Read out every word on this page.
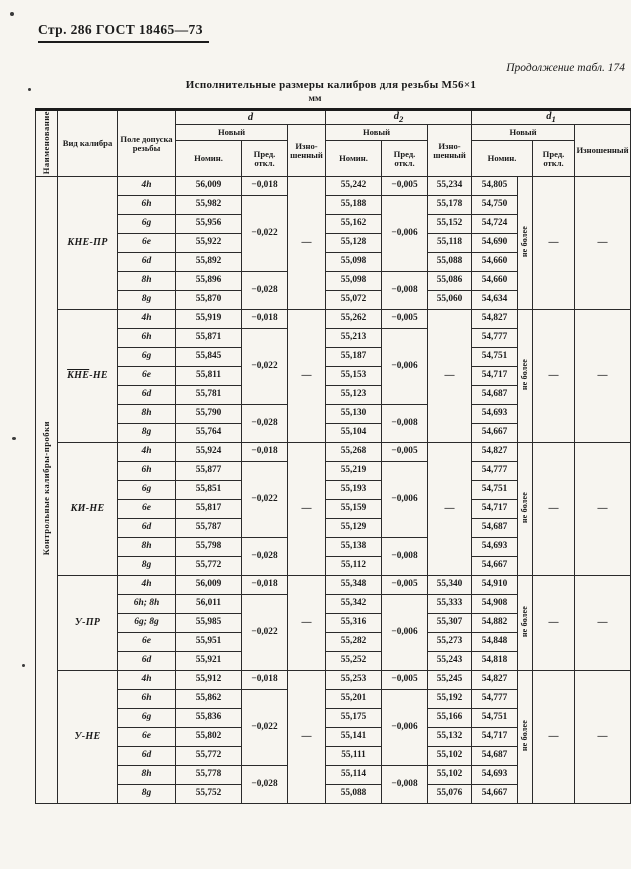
Стр. 286 ГОСТ 18465—73
Продолжение табл. 174
Исполнительные размеры калибров для резьбы М56×1
мм
Наименование	Вид калибра	Поле допуска резьбы	d			$d_2$			$d_1$
			Новый		Изношенный	Новый		Изношенный	Новый			Изношенный
			Номин.	Пред. откл.		Номин.	Пред. откл.		Номин.		Пред. откл.	
Контрольные калибры-пробки	КНЕ-ПР	4h	56,009	−0,018	—	55,242	−0,005	55,234	54,805	не более	—	—
		6h	55,982	−0,022		55,188	−0,006	55,178	54,750			
		6g	55,956			55,162		55,152	54,724			
		6e	55,922			55,128		55,118	54,690			
		6d	55,892			55,098		55,088	54,660			
		8h	55,896	−0,028		55,098	−0,008	55,086	54,660			
		8g	55,870			55,072		55,060	54,634			
	КНЕ-НЕ	4h	55,919	−0,018	—	55,262	−0,005	—	54,827	не более	—	—
		6h	55,871	−0,022		55,213	−0,006		54,777			
		6g	55,845			55,187			54,751			
		6e	55,811			55,153			54,717			
		6d	55,781			55,123			54,687			
		8h	55,790	−0,028		55,130	−0,008		54,693			
		8g	55,764			55,104			54,667			
	КИ-НЕ	4h	55,924	−0,018	—	55,268	−0,005	—	54,827	не более	—	—
		6h	55,877	−0,022		55,219	−0,006		54,777			
		6g	55,851			55,193			54,751			
		6e	55,817			55,159			54,717			
		6d	55,787			55,129			54,687			
		8h	55,798	−0,028		55,138	−0,008		54,693			
		8g	55,772			55,112			54,667			
	У-ПР	4h	56,009	−0,018	—	55,348	−0,005	55,340	54,910	не более	—	—
		6h; 8h	56,011	−0,022		55,342	−0,006	55,333	54,908			
		6g; 8g	55,985			55,316		55,307	54,882			
		6e	55,951			55,282		55,273	54,848			
		6d	55,921			55,252		55,243	54,818			
	У-НЕ	4h	55,912	−0,018	—	55,253	−0,005	55,245	54,827	не более	—	—
		6h	55,862	−0,022		55,201	−0,006	55,192	54,777			
		6g	55,836			55,175		55,166	54,751			
		6e	55,802			55,141		55,132	54,717			
		6d	55,772			55,111		55,102	54,687			
		8h	55,778	−0,028		55,114	−0,008	55,102	54,693			
		8g	55,752			55,088		55,076	54,667			
